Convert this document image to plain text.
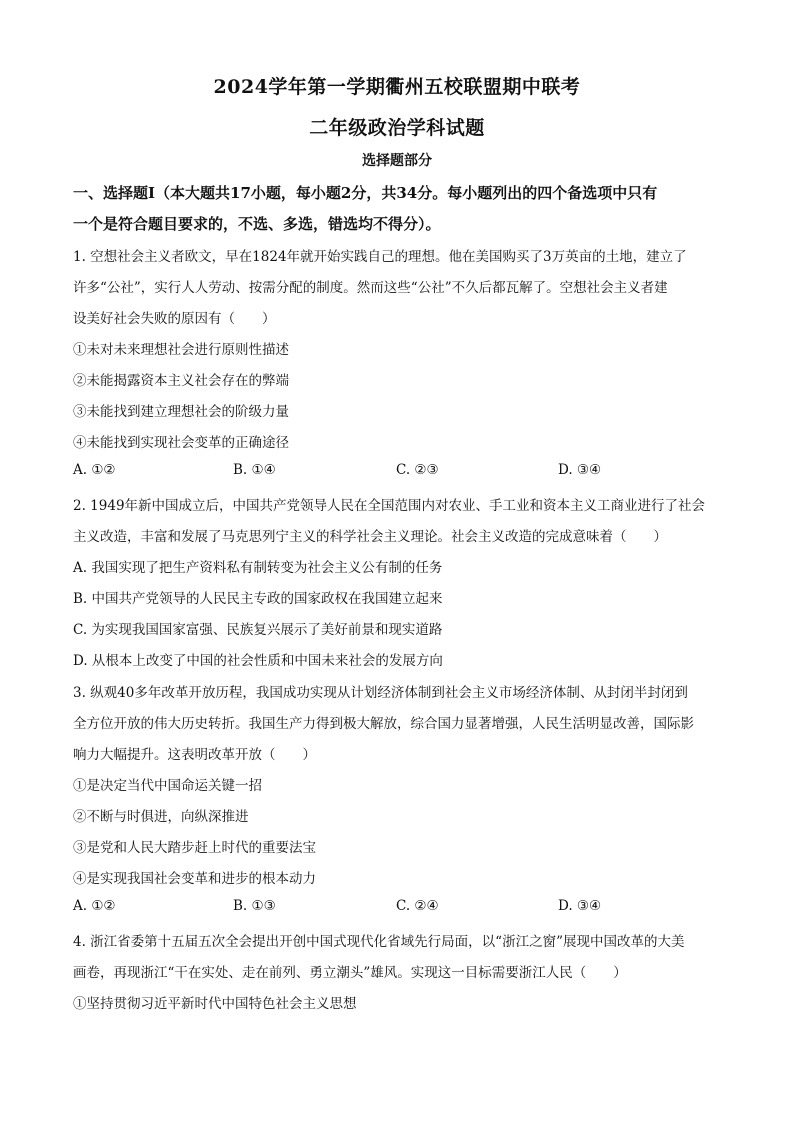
2024学年第一学期衢州五校联盟期中联考
二年级政治学科试题
选择题部分
一、选择题Ⅰ（本大题共17小题，每小题2分，共34分。每小题列出的四个备选项中只有
一个是符合题目要求的，不选、多选，错选均不得分）。
1. 空想社会主义者欧文，早在1824年就开始实践自己的理想。他在美国购买了3万英亩的土地，建立了
许多“公社”，实行人人劳动、按需分配的制度。然而这些“公社”不久后都瓦解了。空想社会主义者建
设美好社会失败的原因有（　　）
①未对未来理想社会进行原则性描述
②未能揭露资本主义社会存在的弊端
③未能找到建立理想社会的阶级力量
④未能找到实现社会变革的正确途径
A. ①②	B. ①④	C. ②③	D. ③④
2. 1949年新中国成立后，中国共产党领导人民在全国范围内对农业、手工业和资本主义工商业进行了社会
主义改造，丰富和发展了马克思列宁主义的科学社会主义理论。社会主义改造的完成意味着（　　）
A. 我国实现了把生产资料私有制转变为社会主义公有制的任务
B. 中国共产党领导的人民民主专政的国家政权在我国建立起来
C. 为实现我国国家富强、民族复兴展示了美好前景和现实道路
D. 从根本上改变了中国的社会性质和中国未来社会的发展方向
3. 纵观40多年改革开放历程，我国成功实现从计划经济体制到社会主义市场经济体制、从封闭半封闭到
全方位开放的伟大历史转折。我国生产力得到极大解放，综合国力显著增强，人民生活明显改善，国际影
响力大幅提升。这表明改革开放（　　）
①是决定当代中国命运关键一招
②不断与时俱进，向纵深推进
③是党和人民大踏步赶上时代的重要法宝
④是实现我国社会变革和进步的根本动力
A. ①②	B. ①③	C. ②④	D. ③④
4. 浙江省委第十五届五次全会提出开创中国式现代化省域先行局面，以“浙江之窗”展现中国改革的大美
画卷，再现浙江“干在实处、走在前列、勇立潮头”雄风。实现这一目标需要浙江人民（　　）
①坚持贯彻习近平新时代中国特色社会主义思想
